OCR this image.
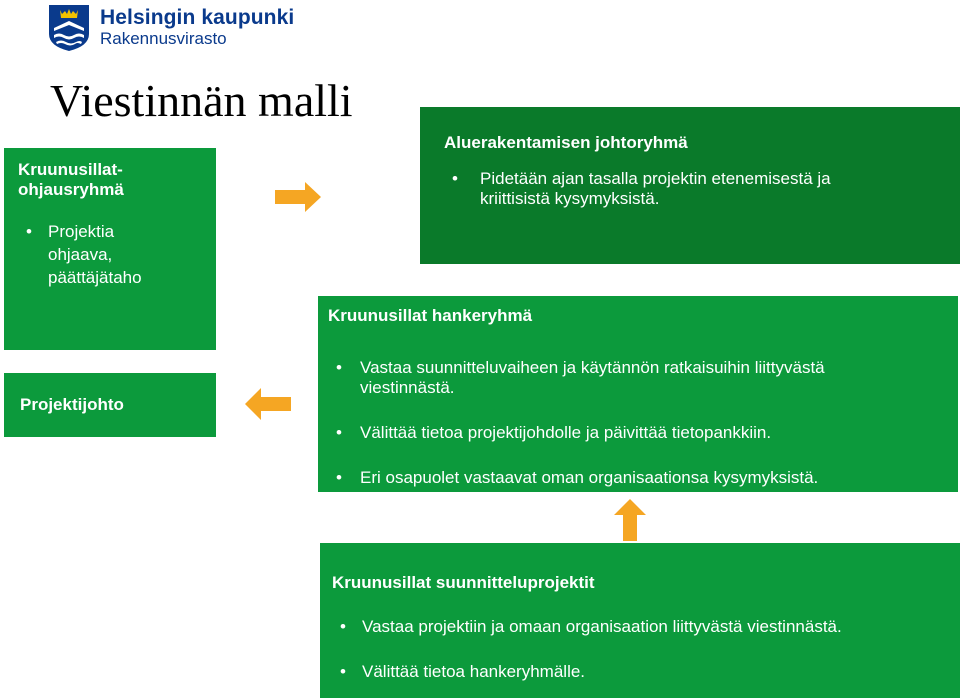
Helsingin kaupunki
Rakennusvirasto
Viestinnän malli
Aluerakentamisen johtoryhmä
• Pidetään ajan tasalla projektin etenemisestä ja kriittisistä kysymyksistä.
Kruunusillat-ohjausryhmä
• Projektia ohjaava, päättäjätaho
Projektijohto
Kruunusillat hankeryhmä
• Vastaa suunnitteluvaiheen ja käytännön ratkaisuihin liittyvästä viestinnästä.
• Välittää tietoa projektijohdolle ja päivittää tietopankkiin.
• Eri osapuolet vastaavat oman organisaationsa kysymyksistä.
Kruunusillat suunnitteluprojektit
• Vastaa projektiin ja omaan organisaation liittyvästä viestinnästä.
• Välittää tietoa hankeryhmälle.
